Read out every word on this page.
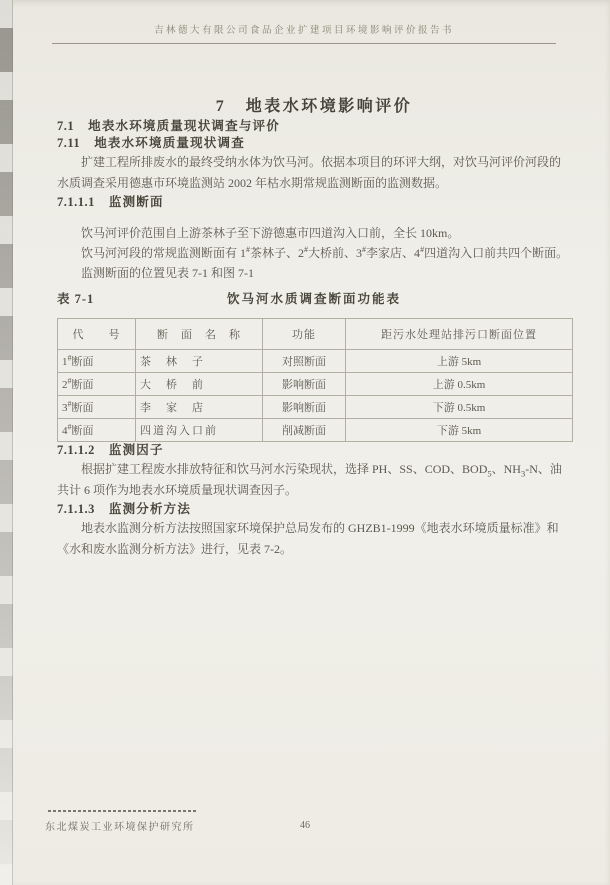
吉林德大有限公司食品企业扩建项目环境影响评价报告书
7 地表水环境影响评价
7.1 地表水环境质量现状调查与评价
7.11 地表水环境质量现状调查

扩建工程所排废水的最终受纳水体为饮马河。依据本项目的环评大纲，对饮马河评价河段的水质调查采用德惠市环境监测站 2002 年枯水期常规监测断面的监测数据。

7.1.1.1 监测断面

饮马河评价范围自上游茶林子至下游德惠市四道沟入口前，全长 10km。

饮马河河段的常规监测断面有 1#茶林子、2#大桥前、3#李家店、4#四道沟入口前共四个断面。

监测断面的位置见表 7-1 和图 7-1

表 7-1	饮马河水质调查断面功能表
代　　号	断　面　名　称	功能	距污水处理站排污口断面位置
1#断面	茶　林　子	对照断面	上游 5km
2#断面	大　桥　前	影响断面	上游 0.5km
3#断面	李　家　店	影响断面	下游 0.5km
4#断面	四道沟入口前	削减断面	下游 5km
7.1.1.2 监测因子

根据扩建工程废水排放特征和饮马河水污染现状，选择 PH、SS、COD、$BOD_5$、$NH_3-N$、油共计 6 项作为地表水环境质量现状调查因子。

7.1.1.3 监测分析方法

地表水监测分析方法按照国家环境保护总局发布的 GHZB1-1999《地表水环境质量标准》和《水和废水监测分析方法》进行，见表 7-2。

东北煤炭工业环境保护研究所	46
